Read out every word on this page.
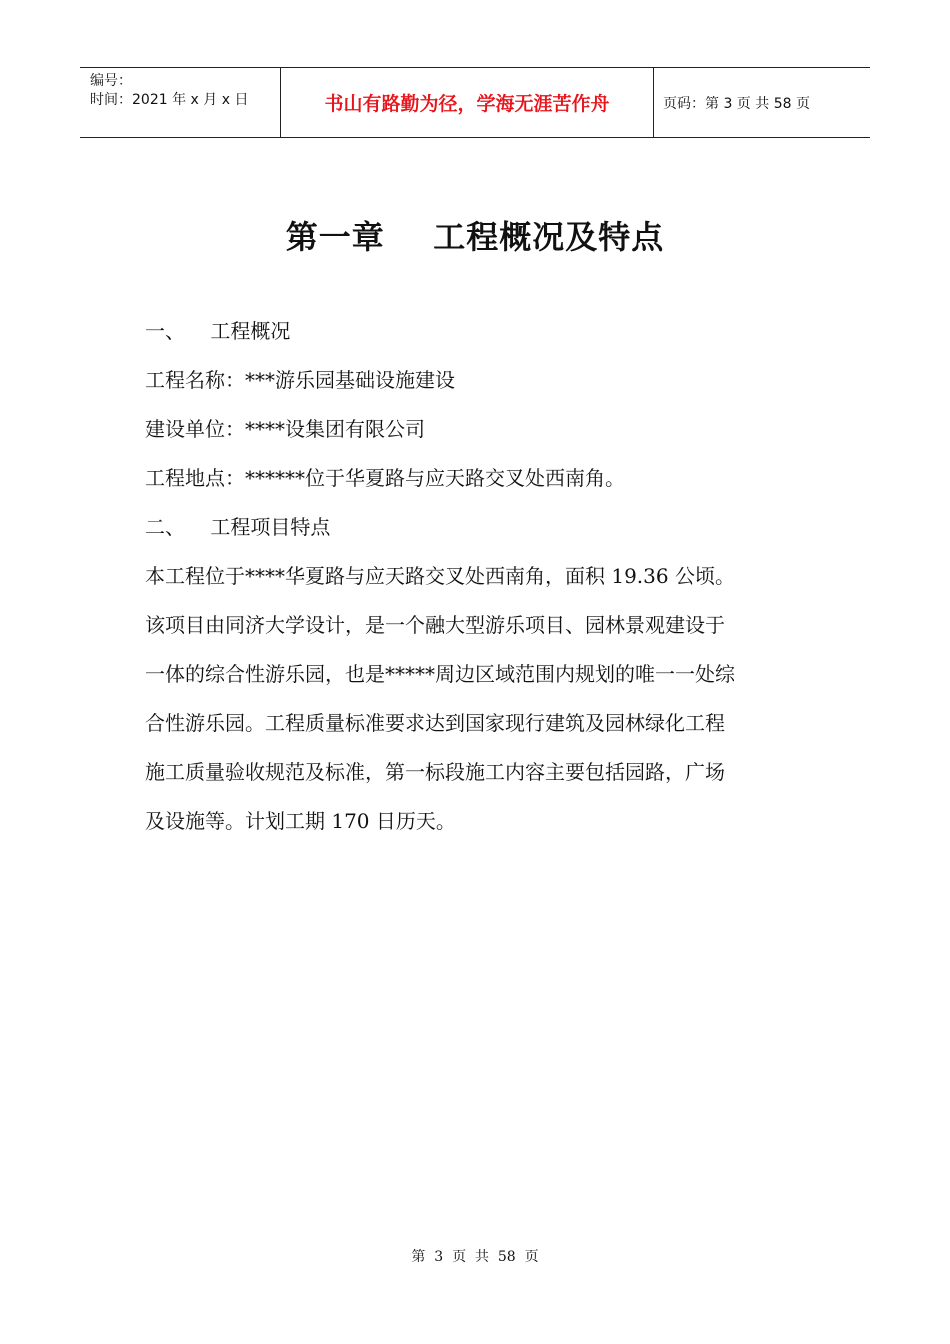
编号：
时间：2021 年 x 月 x 日	书山有路勤为径，学海无涯苦作舟	页码：第 3 页 共 58 页
第一章    工程概况及特点
一、    工程概况
工程名称：***游乐园基础设施建设
建设单位：****设集团有限公司
工程地点：******位于华夏路与应天路交叉处西南角。
二、    工程项目特点
本工程位于****华夏路与应天路交叉处西南角，面积 19.36 公顷。
该项目由同济大学设计，是一个融大型游乐项目、园林景观建设于
一体的综合性游乐园，也是*****周边区域范围内规划的唯一一处综
合性游乐园。工程质量标准要求达到国家现行建筑及园林绿化工程
施工质量验收规范及标准，第一标段施工内容主要包括园路，广场
及设施等。计划工期 170 日历天。
第  3  页  共  58  页
